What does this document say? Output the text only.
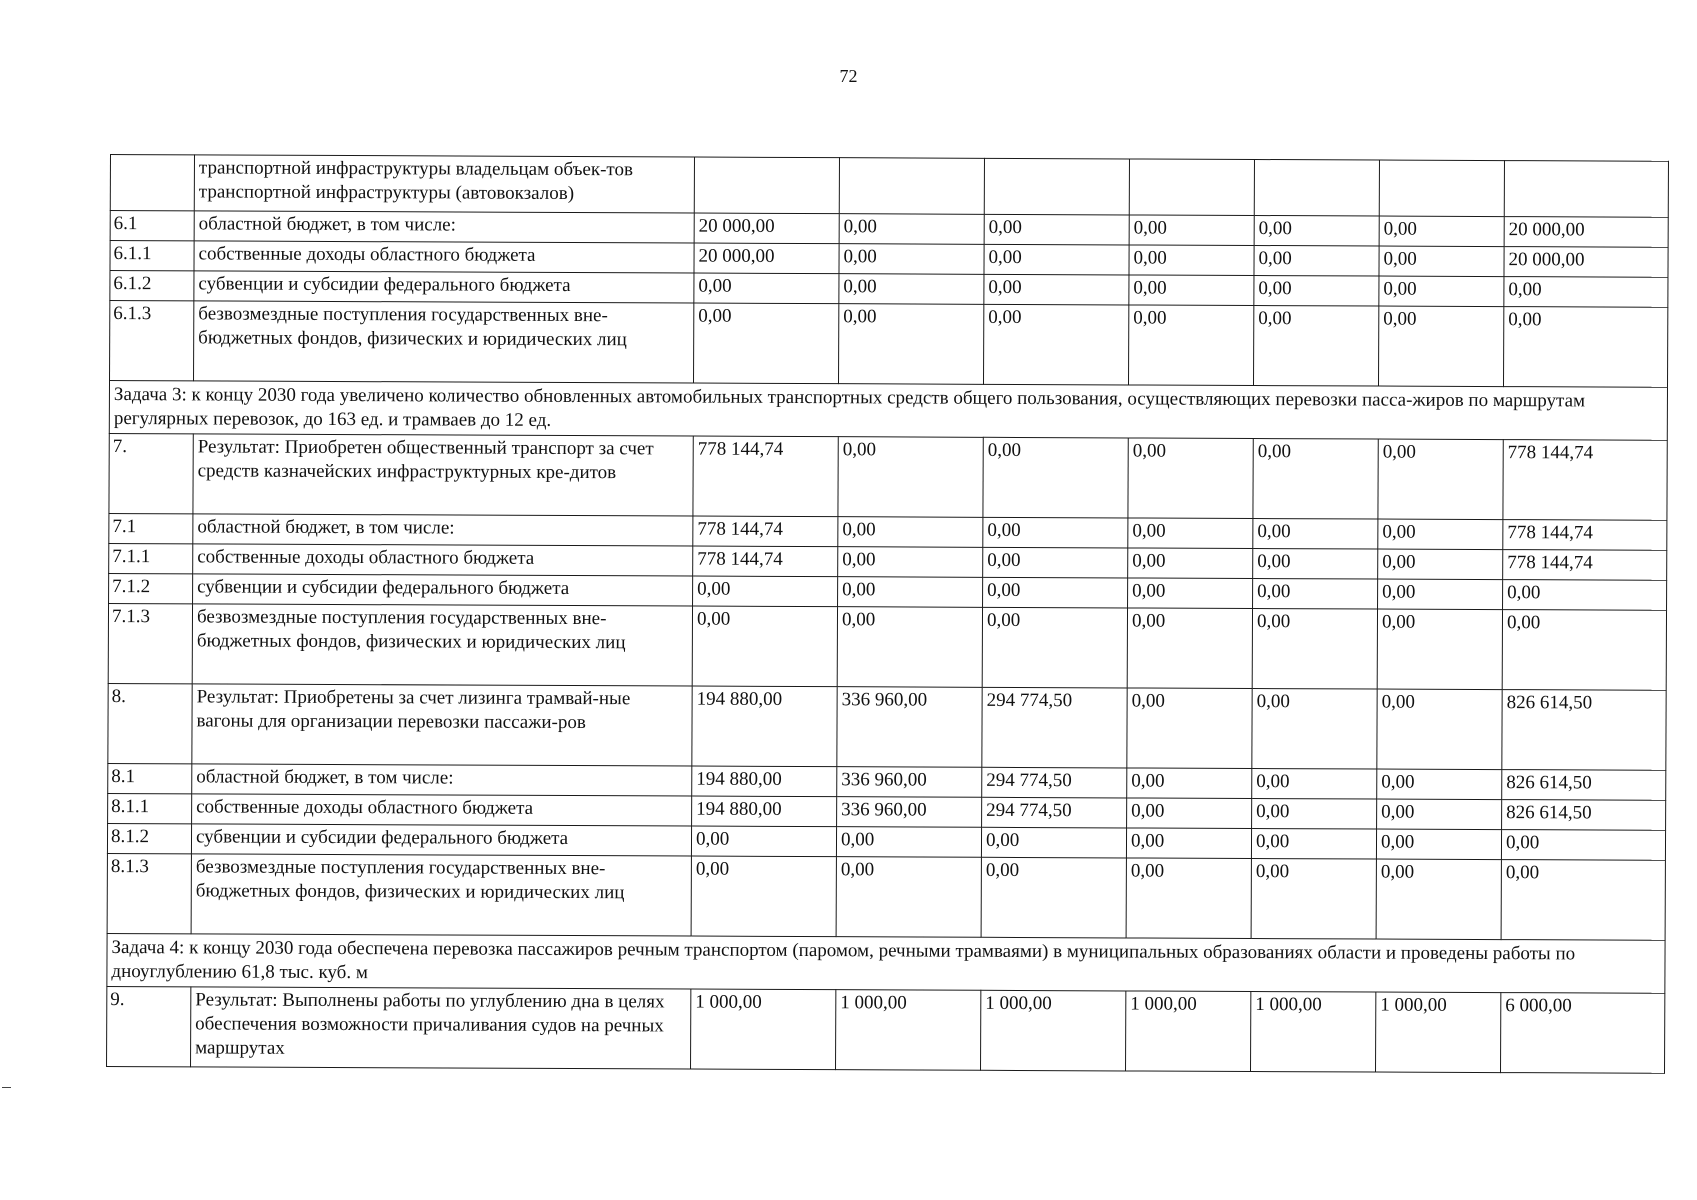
72
	транспортной инфраструктуры владельцам объек-тов транспортной инфраструктуры (автовокзалов)							
6.1	областной бюджет, в том числе:	20 000,00	0,00	0,00	0,00	0,00	0,00	20 000,00
6.1.1	собственные доходы областного бюджета	20 000,00	0,00	0,00	0,00	0,00	0,00	20 000,00
6.1.2	субвенции и субсидии федерального бюджета	0,00	0,00	0,00	0,00	0,00	0,00	0,00
6.1.3	безвозмездные поступления государственных вне-бюджетных фондов, физических и юридических лиц	0,00	0,00	0,00	0,00	0,00	0,00	0,00
Задача 3: к концу 2030 года увеличено количество обновленных автомобильных транспортных средств общего пользования, осуществляющих перевозки пасса-жиров по маршрутам регулярных перевозок, до 163 ед. и трамваев до 12 ед.								
7.	Результат: Приобретен общественный транспорт за счет средств казначейских инфраструктурных кре-дитов	778 144,74	0,00	0,00	0,00	0,00	0,00	778 144,74
7.1	областной бюджет, в том числе:	778 144,74	0,00	0,00	0,00	0,00	0,00	778 144,74
7.1.1	собственные доходы областного бюджета	778 144,74	0,00	0,00	0,00	0,00	0,00	778 144,74
7.1.2	субвенции и субсидии федерального бюджета	0,00	0,00	0,00	0,00	0,00	0,00	0,00
7.1.3	безвозмездные поступления государственных вне-бюджетных фондов, физических и юридических лиц	0,00	0,00	0,00	0,00	0,00	0,00	0,00
8.	Результат: Приобретены за счет лизинга трамвай-ные вагоны для организации перевозки пассажи-ров	194 880,00	336 960,00	294 774,50	0,00	0,00	0,00	826 614,50
8.1	областной бюджет, в том числе:	194 880,00	336 960,00	294 774,50	0,00	0,00	0,00	826 614,50
8.1.1	собственные доходы областного бюджета	194 880,00	336 960,00	294 774,50	0,00	0,00	0,00	826 614,50
8.1.2	субвенции и субсидии федерального бюджета	0,00	0,00	0,00	0,00	0,00	0,00	0,00
8.1.3	безвозмездные поступления государственных вне-бюджетных фондов, физических и юридических лиц	0,00	0,00	0,00	0,00	0,00	0,00	0,00
Задача 4: к концу 2030 года обеспечена перевозка пассажиров речным транспортом (паромом, речными трамваями) в муниципальных образованиях области и проведены работы по дноуглублению 61,8 тыс. куб. м								
9.	Результат: Выполнены работы по углублению дна в целях обеспечения возможности причаливания судов на речных маршрутах	1 000,00	1 000,00	1 000,00	1 000,00	1 000,00	1 000,00	6 000,00
